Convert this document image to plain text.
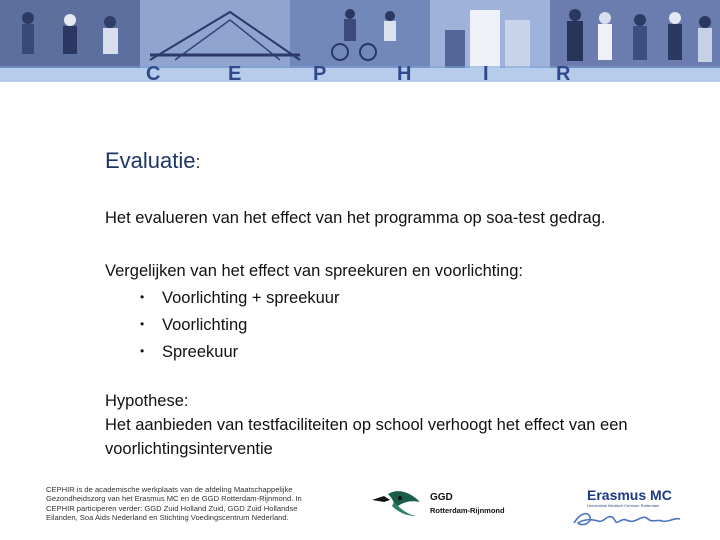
C	E	P	H	I	R
Evaluatie:
Het evalueren van het effect van het programma op soa-test gedrag.
Vergelijken van het effect van spreekuren en voorlichting:
• Voorlichting + spreekuur
• Voorlichting
• Spreekuur
Hypothese:
Het aanbieden van testfaciliteiten op school verhoogt het effect van een
voorlichtingsinterventie
CEPHIR is de academische werkplaats van de afdeling Maatschappelijke
Gezondheidszorg van het Erasmus MC en de GGD Rotterdam-Rijnmond. In
CEPHIR participeren verder: GGD Zuid Holland Zuid, GGD Zuid Hollandse
Eilanden, Soa Aids Nederland en Stichting Voedingscentrum Nederland.
GGD
Rotterdam-Rijnmond
Erasmus MC
Universitair Medisch Centrum Rotterdam
